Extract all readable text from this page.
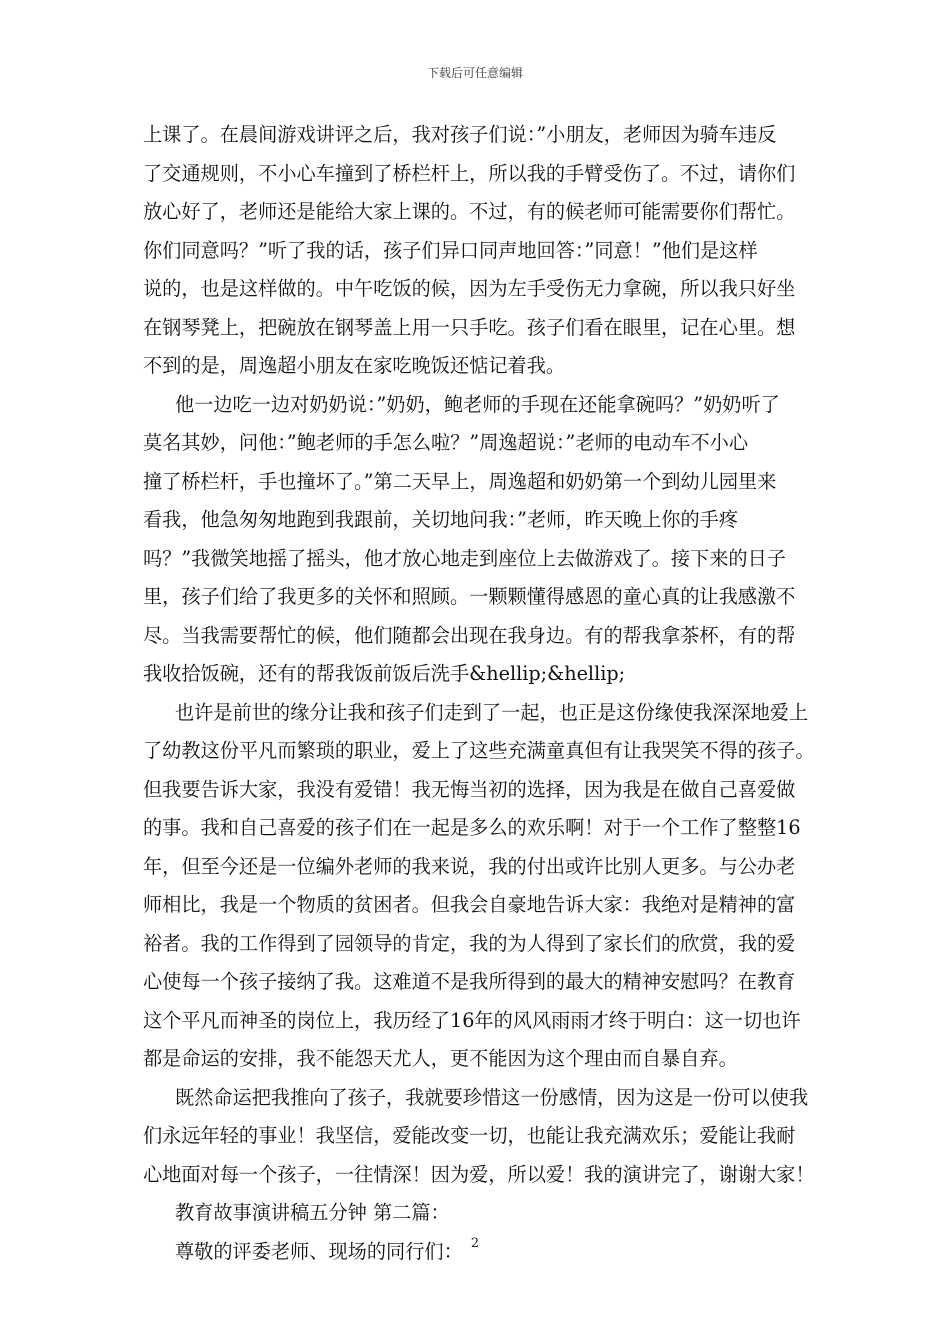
下载后可任意编辑
上课了。在晨间游戏讲评之后，我对孩子们说：”小朋友，老师因为骑车违反
了交通规则，不小心车撞到了桥栏杆上，所以我的手臂受伤了。不过，请你们
放心好了，老师还是能给大家上课的。不过，有的候老师可能需要你们帮忙。
你们同意吗？”听了我的话，孩子们异口同声地回答：”同意！”他们是这样
说的，也是这样做的。中午吃饭的候，因为左手受伤无力拿碗，所以我只好坐
在钢琴凳上，把碗放在钢琴盖上用一只手吃。孩子们看在眼里，记在心里。想
不到的是，周逸超小朋友在家吃晚饭还惦记着我。
他一边吃一边对奶奶说：”奶奶，鲍老师的手现在还能拿碗吗？”奶奶听了
莫名其妙，问他：”鲍老师的手怎么啦？”周逸超说：”老师的电动车不小心
撞了桥栏杆，手也撞坏了。”第二天早上，周逸超和奶奶第一个到幼儿园里来
看我，他急匆匆地跑到我跟前，关切地问我：”老师，昨天晚上你的手疼
吗？”我微笑地摇了摇头，他才放心地走到座位上去做游戏了。接下来的日子
里，孩子们给了我更多的关怀和照顾。一颗颗懂得感恩的童心真的让我感激不
尽。当我需要帮忙的候，他们随都会出现在我身边。有的帮我拿茶杯，有的帮
我收拾饭碗，还有的帮我饭前饭后洗手&hellip;&hellip;
也许是前世的缘分让我和孩子们走到了一起，也正是这份缘使我深深地爱上
了幼教这份平凡而繁琐的职业，爱上了这些充满童真但有让我哭笑不得的孩子。
但我要告诉大家，我没有爱错！我无悔当初的选择，因为我是在做自己喜爱做
的事。我和自己喜爱的孩子们在一起是多么的欢乐啊！对于一个工作了整整16
年，但至今还是一位编外老师的我来说，我的付出或许比别人更多。与公办老
师相比，我是一个物质的贫困者。但我会自豪地告诉大家：我绝对是精神的富
裕者。我的工作得到了园领导的肯定，我的为人得到了家长们的欣赏，我的爱
心使每一个孩子接纳了我。这难道不是我所得到的最大的精神安慰吗？在教育
这个平凡而神圣的岗位上，我历经了16年的风风雨雨才终于明白：这一切也许
都是命运的安排，我不能怨天尤人，更不能因为这个理由而自暴自弃。
既然命运把我推向了孩子，我就要珍惜这一份感情，因为这是一份可以使我
们永远年轻的事业！我坚信，爱能改变一切，也能让我充满欢乐；爱能让我耐
心地面对每一个孩子，一往情深！因为爱，所以爱！我的演讲完了，谢谢大家！
教育故事演讲稿五分钟 第二篇：
尊敬的评委老师、现场的同行们： 2
